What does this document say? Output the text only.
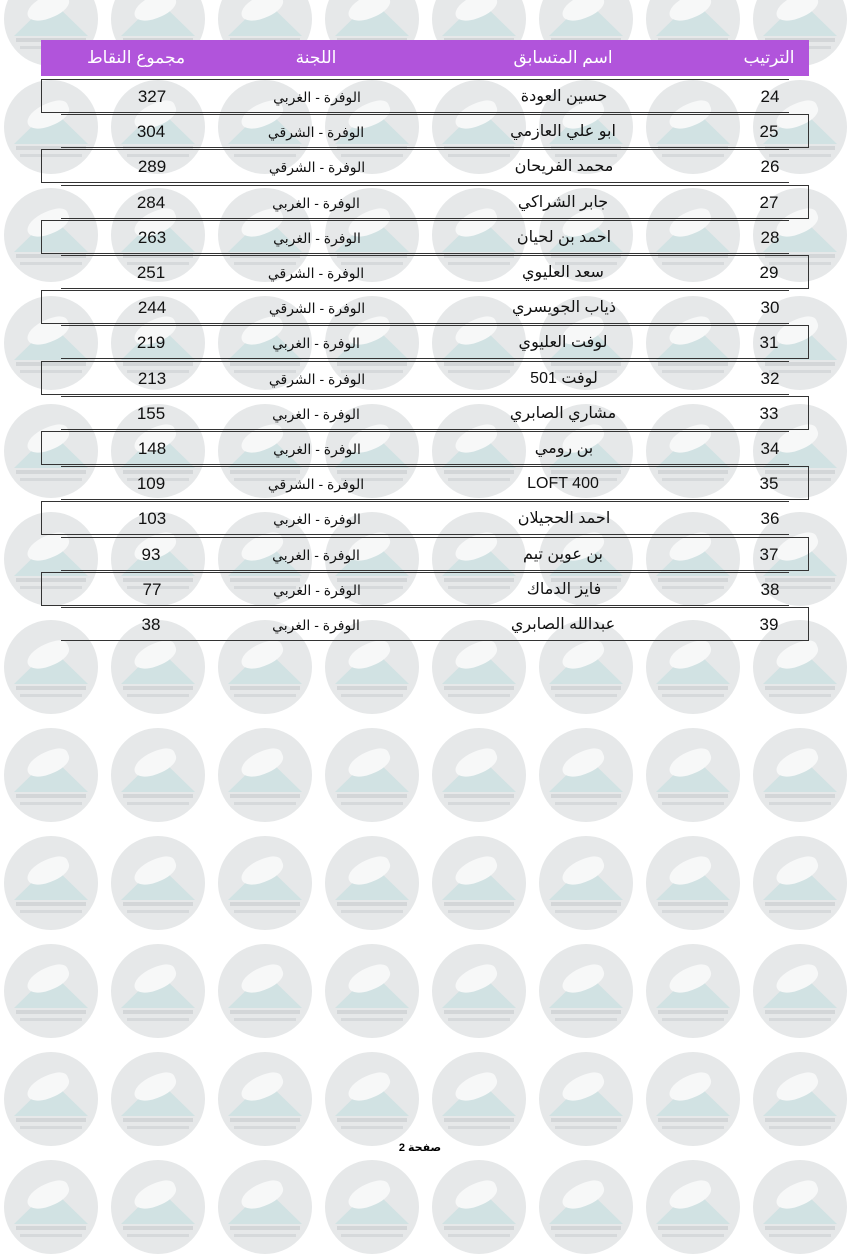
الترتيب
اسم المتسابق
اللجنة
مجموع النقاط
24
حسين العودة
الوفرة - الغربي
327
25
ابو علي العازمي
الوفرة - الشرقي
304
26
محمد الفريحان
الوفرة - الشرقي
289
27
جابر الشراكي
الوفرة - الغربي
284
28
احمد بن لحيان
الوفرة - الغربي
263
29
سعد العليوي
الوفرة - الشرقي
251
30
ذياب الجويسري
الوفرة - الشرقي
244
31
لوفت العليوي
الوفرة - الغربي
219
32
لوفت 501
الوفرة - الشرقي
213
33
مشاري الصابري
الوفرة - الغربي
155
34
بن رومي
الوفرة - الغربي
148
35
LOFT 400
الوفرة - الشرقي
109
36
احمد الحجيلان
الوفرة - الغربي
103
37
بن عوين تيم
الوفرة - الغربي
93
38
فايز الدماك
الوفرة - الغربي
77
39
عبدالله الصابري
الوفرة - الغربي
38
صفحة 2
